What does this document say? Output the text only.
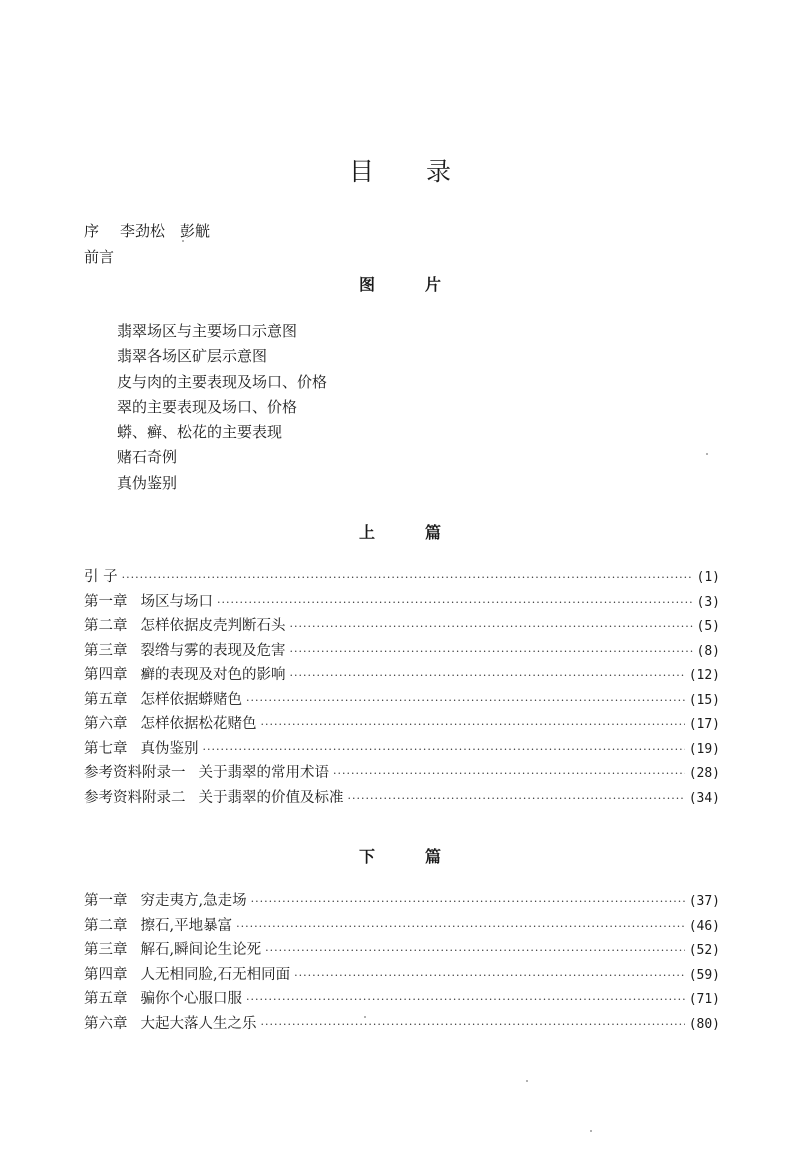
目 录
序 李劲松　彭觥
前言
图	片
翡翠场区与主要场口示意图
翡翠各场区矿层示意图
皮与肉的主要表现及场口、价格
翠的主要表现及场口、价格
蟒、癣、松花的主要表现
赌石奇例
真伪鉴别
上	篇
引 子 ·····	(1)
第一章 场区与场口 ·····	(3)
第二章 怎样依据皮壳判断石头 ·····	(5)
第三章 裂绺与雾的表现及危害 ·····	(8)
第四章 癣的表现及对色的影响 ·····	(12)
第五章 怎样依据蟒赌色 ·····	(15)
第六章 怎样依据松花赌色 ·····	(17)
第七章 真伪鉴别 ·····	(19)
参考资料附录一 关于翡翠的常用术语 ·····	(28)
参考资料附录二 关于翡翠的价值及标准 ·····	(34)
下	篇
第一章 穷走夷方,急走场 ·····	(37)
第二章 擦石,平地暴富 ·····	(46)
第三章 解石,瞬间论生论死 ·····	(52)
第四章 人无相同脸,石无相同面 ·····	(59)
第五章 骗你个心服口服 ·····	(71)
第六章 大起大落人生之乐 ·····	(80)
